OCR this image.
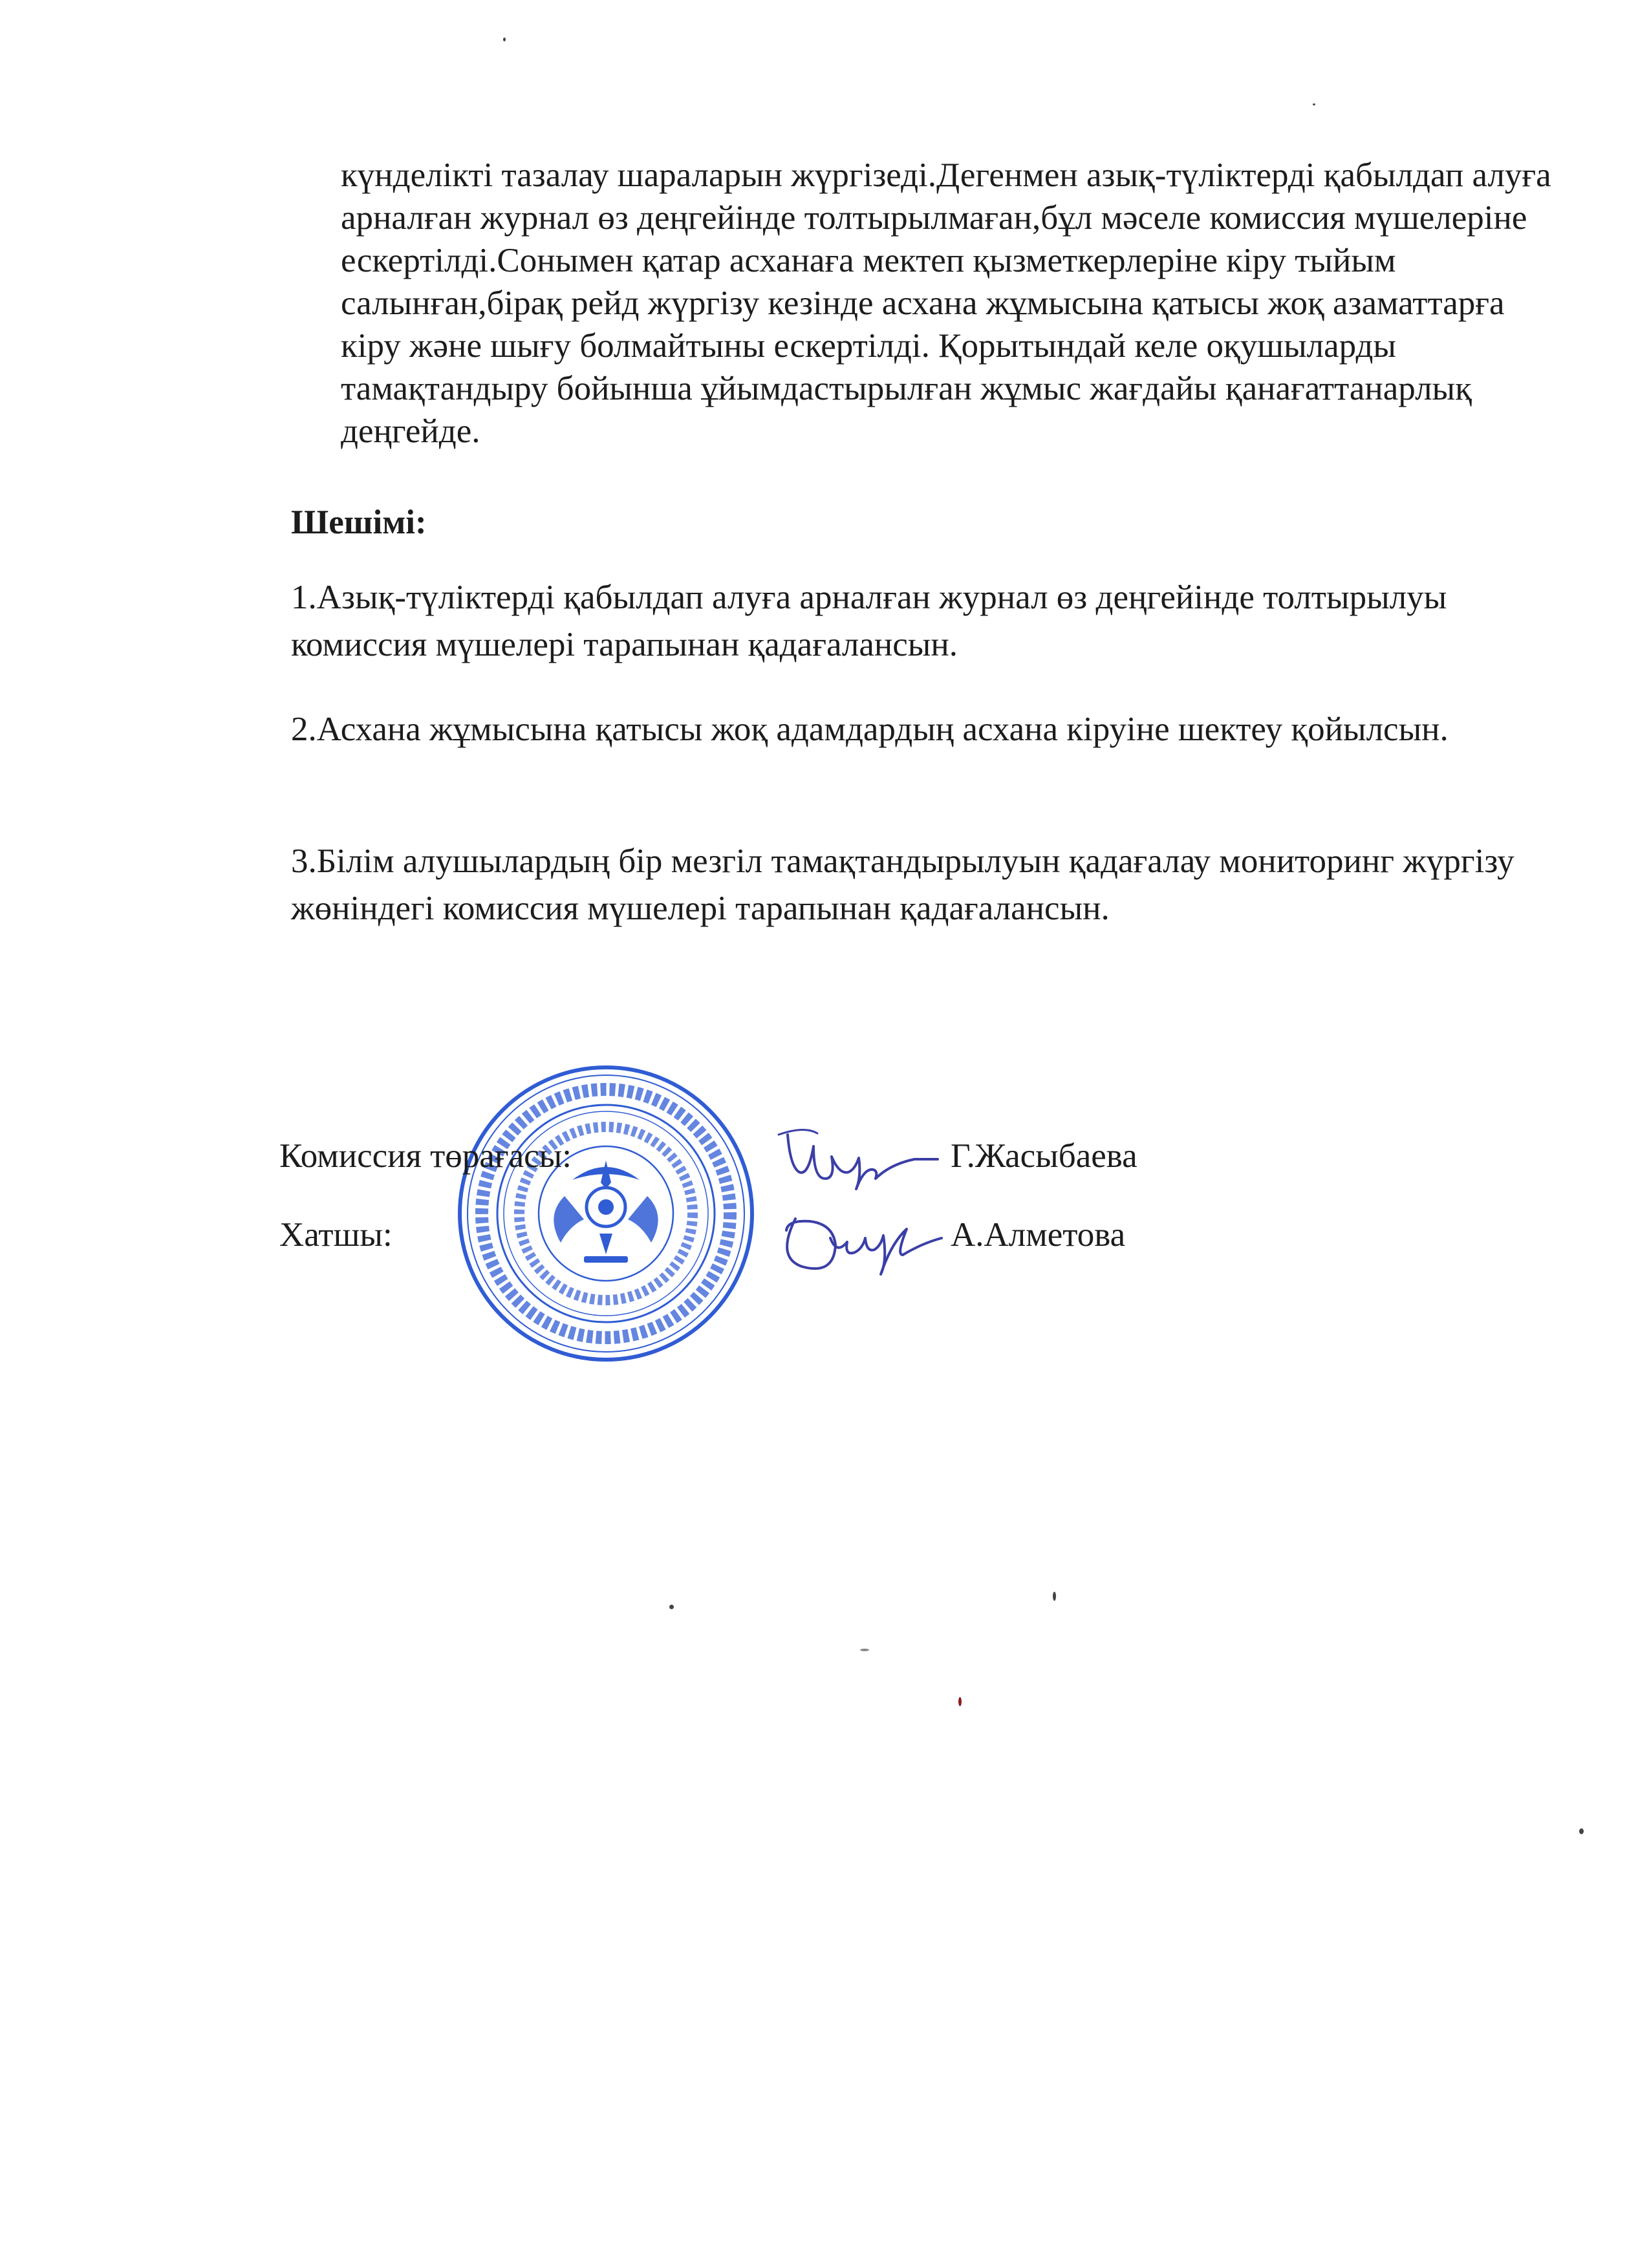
күнделікті тазалау шараларын жүргізеді.Дегенмен азық-түліктерді қабылдап алуға арналған журнал өз деңгейінде толтырылмаған,бұл мәселе комиссия мүшелеріне ескертілді.Сонымен қатар асханаға мектеп қызметкерлеріне кіру тыйым салынған,бірақ рейд жүргізу кезінде асхана жұмысына қатысы жоқ азаматтарға кіру және шығу болмайтыны ескертілді. Қорытындай келе оқушыларды тамақтандыру бойынша ұйымдастырылған жұмыс жағдайы қанағаттанарлық деңгейде.

Шешімі:

1.Азық-түліктерді қабылдап алуға арналған журнал өз деңгейінде толтырылуы комиссия мүшелері тарапынан қадағалансын.

2.Асхана жұмысына қатысы жоқ адамдардың асхана кіруіне шектеу қойылсын.

3.Білім алушылардың бір мезгіл тамақтандырылуын қадағалау мониторинг жүргізу жөніндегі комиссия мүшелері тарапынан қадағалансын.

Комиссия төрағасы:	Г.Жасыбаева

Хатшы:	А.Алметова
